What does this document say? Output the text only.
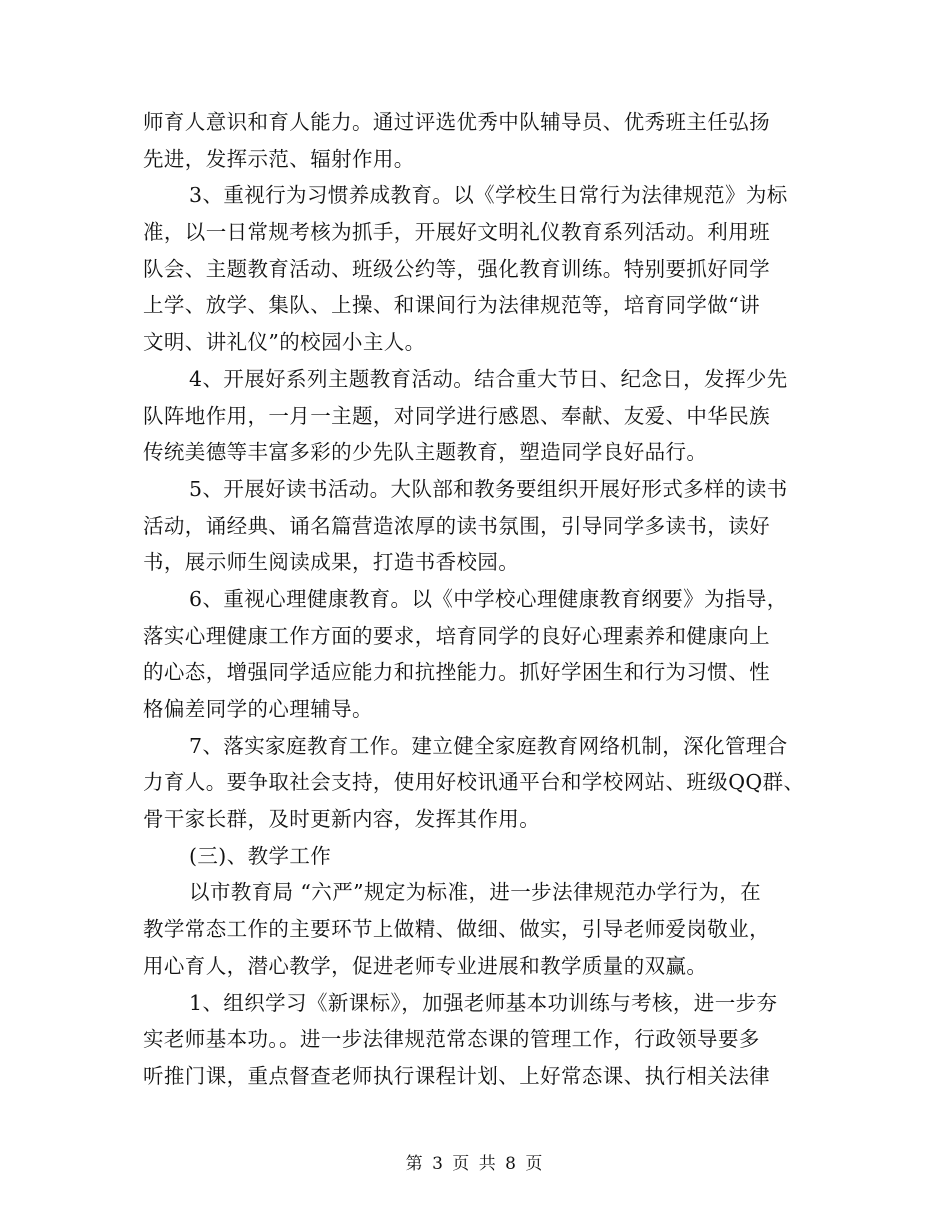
师育人意识和育人能力。通过评选优秀中队辅导员、优秀班主任弘扬
先进，发挥示范、辐射作用。
3、重视行为习惯养成教育。以《学校生日常行为法律规范》为标
准，以一日常规考核为抓手，开展好文明礼仪教育系列活动。利用班
队会、主题教育活动、班级公约等，强化教育训练。特别要抓好同学
上学、放学、集队、上操、和课间行为法律规范等，培育同学做“讲
文明、讲礼仪”的校园小主人。
4、开展好系列主题教育活动。结合重大节日、纪念日，发挥少先
队阵地作用，一月一主题，对同学进行感恩、奉献、友爱、中华民族
传统美德等丰富多彩的少先队主题教育，塑造同学良好品行。
5、开展好读书活动。大队部和教务要组织开展好形式多样的读书
活动，诵经典、诵名篇营造浓厚的读书氛围，引导同学多读书，读好
书，展示师生阅读成果，打造书香校园。
6、重视心理健康教育。以《中学校心理健康教育纲要》为指导，
落实心理健康工作方面的要求，培育同学的良好心理素养和健康向上
的心态，增强同学适应能力和抗挫能力。抓好学困生和行为习惯、性
格偏差同学的心理辅导。
7、落实家庭教育工作。建立健全家庭教育网络机制，深化管理合
力育人。要争取社会支持，使用好校讯通平台和学校网站、班级QQ群、
骨干家长群，及时更新内容，发挥其作用。
(三)、教学工作
以市教育局 “六严”规定为标准，进一步法律规范办学行为，在
教学常态工作的主要环节上做精、做细、做实，引导老师爱岗敬业，
用心育人，潜心教学，促进老师专业进展和教学质量的双赢。
1、组织学习《新课标》，加强老师基本功训练与考核，进一步夯
实老师基本功。。进一步法律规范常态课的管理工作，行政领导要多
听推门课，重点督查老师执行课程计划、上好常态课、执行相关法律
第 3 页 共 8 页
